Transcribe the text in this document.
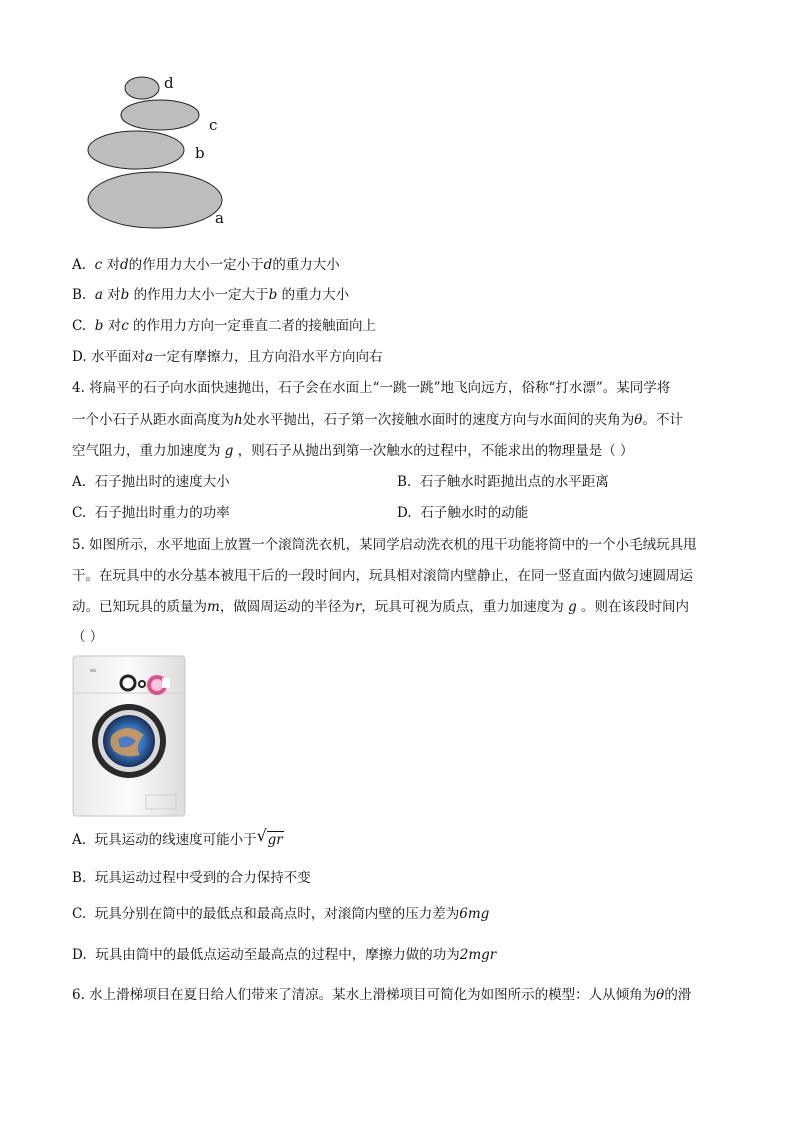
d
c
b
a
A. c 对d的作用力大小一定小于d的重力大小
B. a 对b 的作用力大小一定大于b 的重力大小
C. b 对c 的作用力方向一定垂直二者的接触面向上
D. 水平面对a一定有摩擦力，且方向沿水平方向向右
4. 将扁平的石子向水面快速抛出，石子会在水面上“一跳一跳”地飞向远方，俗称“打水漂”。某同学将
一个小石子从距水面高度为h处水平抛出，石子第一次接触水面时的速度方向与水面间的夹角为θ。不计
空气阻力，重力加速度为 g ，则石子从抛出到第一次触水的过程中，不能求出的物理量是（ ）
A. 石子抛出时的速度大小	B. 石子触水时距抛出点的水平距离
C. 石子抛出时重力的功率	D. 石子触水时的动能
5. 如图所示，水平地面上放置一个滚筒洗衣机，某同学启动洗衣机的甩干功能将筒中的一个小毛绒玩具甩
干。在玩具中的水分基本被甩干后的一段时间内，玩具相对滚筒内壁静止，在同一竖直面内做匀速圆周运
动。已知玩具的质量为m，做圆周运动的半径为r，玩具可视为质点，重力加速度为 g 。则在该段时间内
（ ）
A. 玩具运动的线速度可能小于 √ gr
B. 玩具运动过程中受到的合力保持不变
C. 玩具分别在筒中的最低点和最高点时，对滚筒内壁的压力差为6mg
D. 玩具由筒中的最低点运动至最高点的过程中，摩擦力做的功为2mgr
6. 水上滑梯项目在夏日给人们带来了清凉。某水上滑梯项目可简化为如图所示的模型：人从倾角为θ的滑
